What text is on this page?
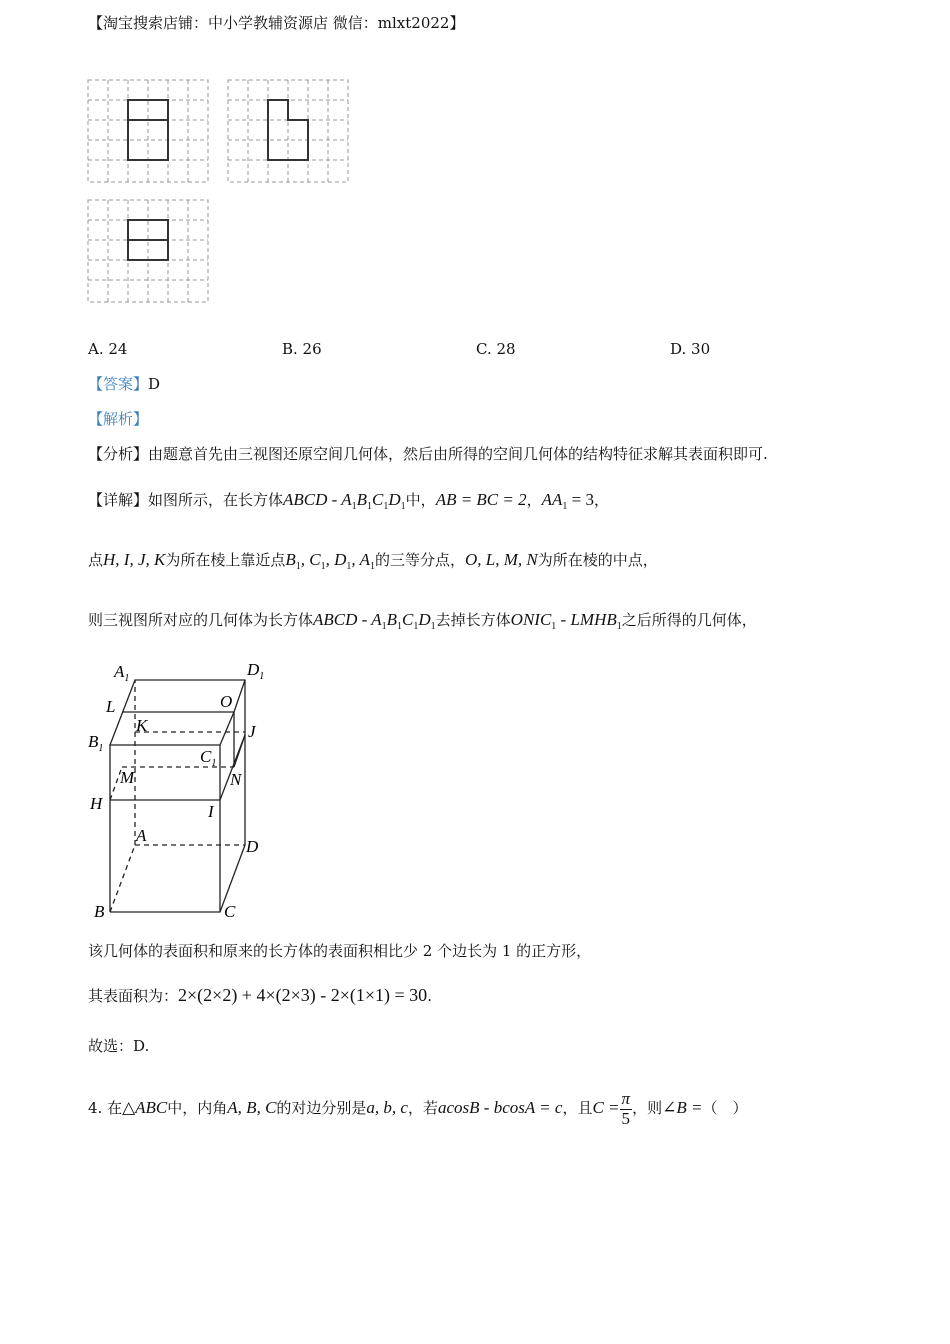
【淘宝搜索店铺：中小学教辅资源店 微信：mlxt2022】
A. 24	B. 26	C. 28	D. 30
【答案】D
【解析】
【分析】由题意首先由三视图还原空间几何体，然后由所得的空间几何体的结构特征求解其表面积即可.
【详解】如图所示，在长方体ABCD - $A_1B_1C_1D_1$中，AB = BC = 2，$AA_1 = 3$，
点H, I, J, K为所在棱上靠近点$B_1$, $C_1$, $D_1$, $A_1$的三等分点，O, L, M, N为所在棱的中点，
则三视图所对应的几何体为长方体ABCD - $A_1B_1C_1D_1$去掉长方体$ONIC_1$ - $LMHB_1$之后所得的几何体，
$A_1$	$D_1$
L	O
K	J
$B_1$	$C_1$
M	N
H	I
A
D
B	C
该几何体的表面积和原来的长方体的表面积相比少 2 个边长为 1 的正方形，
其表面积为：2×(2×2) + 4×(2×3) - 2×(1×1) = 30.
故选：D.
4. 在△ABC中，内角A, B, C的对边分别是a, b, c，若acosB - bcosA = c，且$C = \frac{\pi}{5}$ ，则∠B =（　）
